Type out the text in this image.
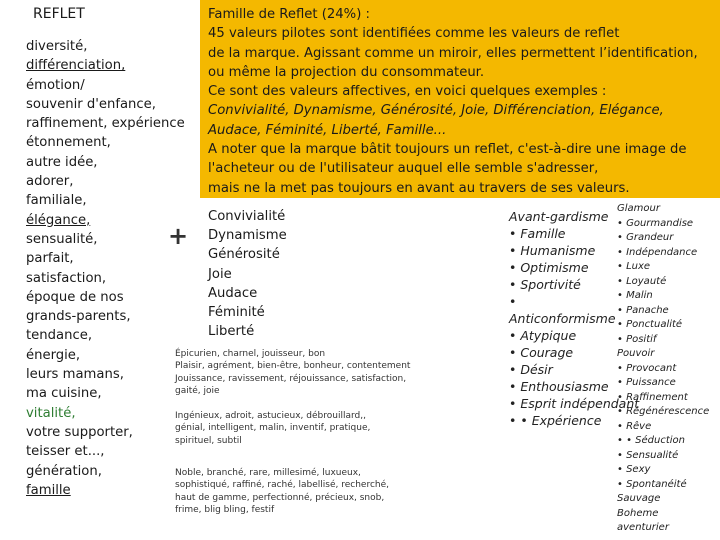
REFLET
diversité,
différenciation,
émotion/
souvenir d'enfance,
raffinement, expérience
étonnement,
autre idée,
adorer,
familiale,
élégance,
sensualité,
parfait,
satisfaction,
époque de nos
grands-parents,
tendance,
énergie,
leurs mamans,
ma cuisine,
vitalité,
votre supporter,
teisser et...,
génération,
famille
Famille de Reflet (24%) :
45 valeurs pilotes sont identifiées comme les valeurs de reflet
de la marque. Agissant comme un miroir, elles permettent l’identification,
ou même la projection du consommateur.
Ce sont des valeurs affectives, en voici quelques exemples :
Convivialité, Dynamisme, Générosité, Joie, Différenciation, Elégance,
Audace, Féminité, Liberté, Famille...
A noter que la marque bâtit toujours un reflet, c'est-à-dire une image de
l'acheteur ou de l'utilisateur auquel elle semble s'adresser,
mais ne la met pas toujours en avant au travers de ses valeurs.
+
Convivialité
Dynamisme
Générosité
Joie
Audace
Féminité
Liberté
Épicurien, charnel, jouisseur, bon
Plaisir, agrément, bien-être, bonheur, contentement
Jouissance, ravissement, réjouissance, satisfaction,
gaité, joie
Ingénieux, adroit, astucieux, débrouillard,,
génial, intelligent, malin, inventif, pratique,
spirituel, subtil
Noble, branché, rare, millesimé, luxueux,
sophistiqué, raffiné, raché, labellisé, recherché,
haut de gamme, perfectionné, précieux, snob,
frime, blig bling, festif
Avant-gardisme
• Famille
• Humanisme
• Optimisme
• Sportivité
•
Anticonformisme
• Atypique
• Courage
• Désir
• Enthousiasme
• Esprit indépendant
• • Expérience
Glamour
• Gourmandise
• Grandeur
• Indépendance
• Luxe
• Loyauté
• Malin
• Panache
• Ponctualité
• Positif
Pouvoir
• Provocant
• Puissance
• Raffinement
• Régénérescence
• Rêve
• • Séduction
• Sensualité
• Sexy
• Spontanéité
Sauvage
Boheme
aventurier
